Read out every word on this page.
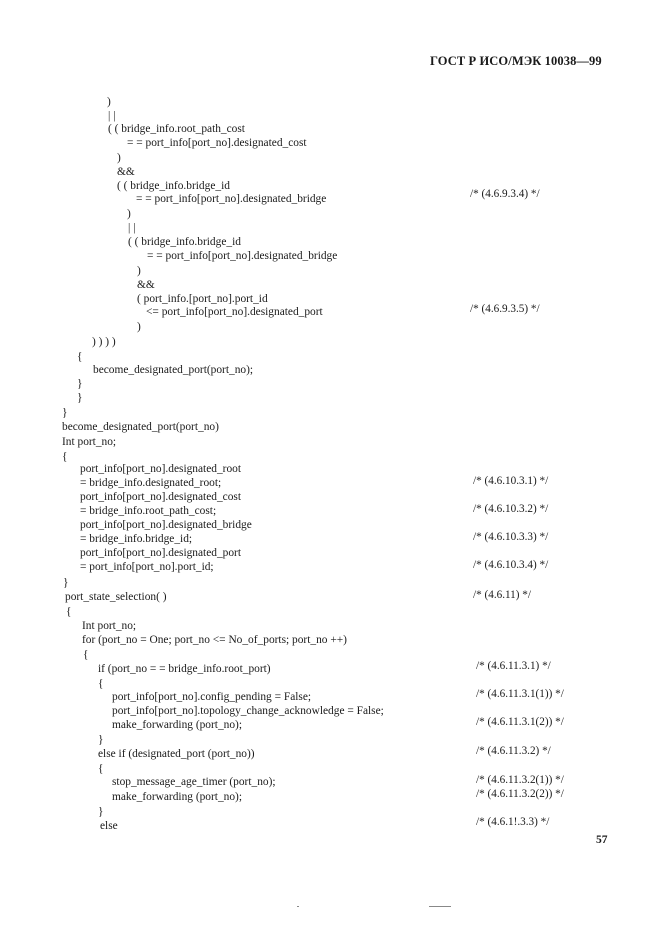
ГОСТ Р ИСО/МЭК 10038—99
)
| |
( ( bridge_info.root_path_cost
= = port_info[port_no].designated_cost
)
&&
( ( bridge_info.bridge_id
= = port_info[port_no].designated_bridge
)
| |
( ( bridge_info.bridge_id
= = port_info[port_no].designated_bridge
)
&&
( port_info.[port_no].port_id
<= port_info[port_no].designated_port
)
) ) ) )
{
become_designated_port(port_no);
}
}
}
become_designated_port(port_no)
Int port_no;
{
port_info[port_no].designated_root
= bridge_info.designated_root;
port_info[port_no].designated_cost
= bridge_info.root_path_cost;
port_info[port_no].designated_bridge
= bridge_info.bridge_id;
port_info[port_no].designated_port
= port_info[port_no].port_id;
}
port_state_selection( )
{
Int port_no;
for (port_no = One; port_no <= No_of_ports; port_no ++)
{
if (port_no = = bridge_info.root_port)
{
port_info[port_no].config_pending = False;
port_info[port_no].topology_change_acknowledge = False;
make_forwarding (port_no);
}
else if (designated_port (port_no))
{
stop_message_age_timer (port_no);
make_forwarding (port_no);
}
else
/* (4.6.9.3.4) */
/* (4.6.9.3.5) */
/* (4.6.10.3.1) */
/* (4.6.10.3.2) */
/* (4.6.10.3.3) */
/* (4.6.10.3.4) */
/* (4.6.11) */
/* (4.6.11.3.1) */
/* (4.6.11.3.1(1)) */
/* (4.6.11.3.1(2)) */
/* (4.6.11.3.2) */
/* (4.6.11.3.2(1)) */
/* (4.6.11.3.2(2)) */
/* (4.6.1!.3.3) */
57
